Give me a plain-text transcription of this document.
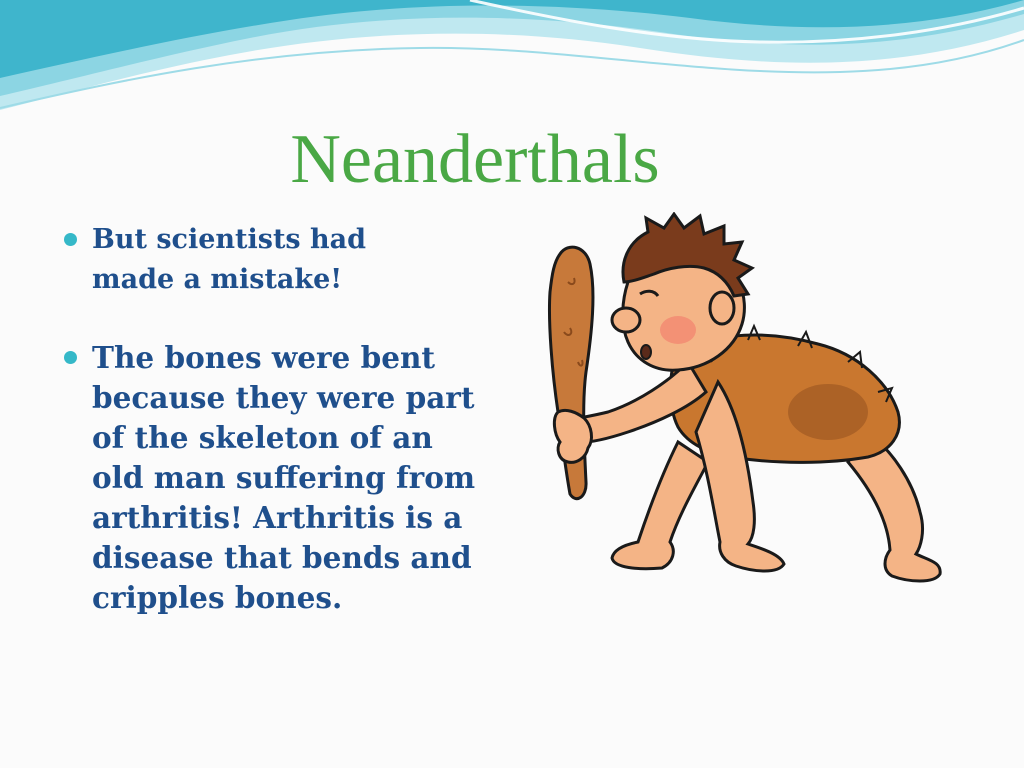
Neanderthals
But scientists had made a mistake!
The bones were bent because they were part of the skeleton of an old man suffering from arthritis! Arthritis is a disease that bends and cripples bones.
